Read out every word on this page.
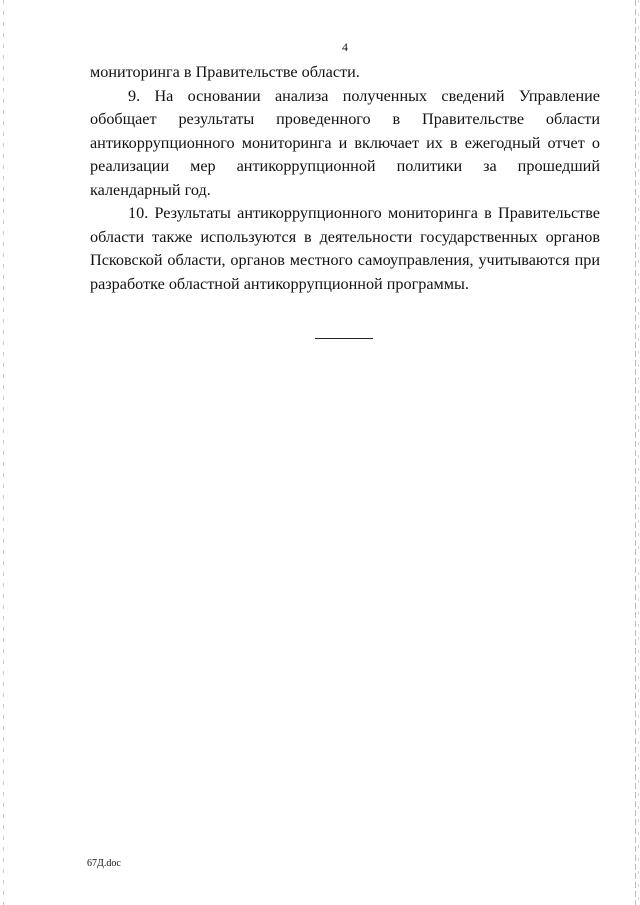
4
мониторинга в Правительстве области.
9. На основании анализа полученных сведений Управление
обобщает результаты проведенного в Правительстве области
антикоррупционного мониторинга и включает их в ежегодный отчет о
реализации мер антикоррупционной политики за прошедший
календарный год.
10. Результаты антикоррупционного мониторинга в Правительстве
области также используются в деятельности государственных органов
Псковской области, органов местного самоуправления, учитываются при
разработке областной антикоррупционной программы.
67Д.doc
